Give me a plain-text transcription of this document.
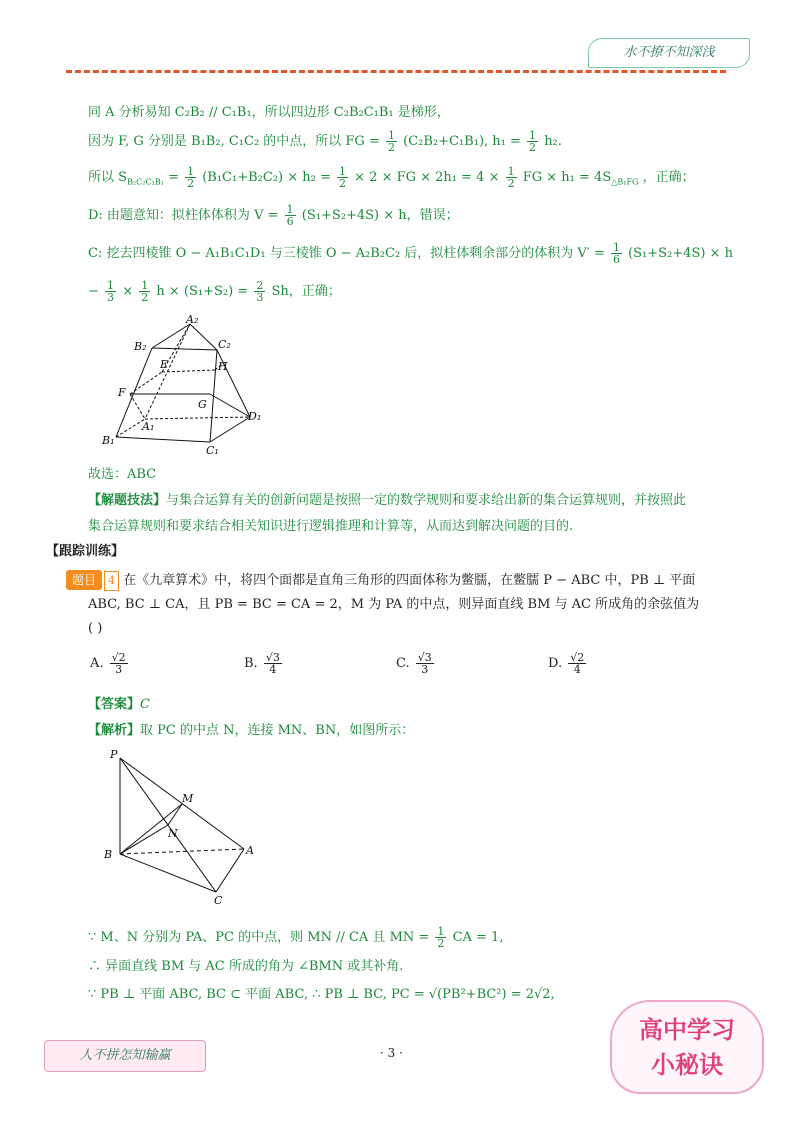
水不撩不知深浅
同 A 分析易知 C₂B₂ // C₁B₁，所以四边形 C₂B₂C₁B₁ 是梯形，
因为 F, G 分别是 B₁B₂, C₁C₂ 的中点，所以 FG = $\frac{1}{2} (C_2B_2+C_1B_1)$, $h_1 = \frac{1}{2} h_2$.
所以 $S_{B_2C_2C_1B_1} = \frac{1}{2} (B_1C_1+B_2C_2) \times h_2 = \frac{1}{2} \times 2$ × FG × $2h_1 = 4 \times \frac{1}{2}$ FG × $h_1 = 4S_{\triangle B_1FG}$ ，正确；
D: 由题意知：拟柱体体积为 $V = \frac{1}{6} (S_1+S_2+4S) \times h$，错误；
C: 挖去四棱锥 O − A₁B₁C₁D₁ 与三棱锥 O − A₂B₂C₂ 后，拟柱体剩余部分的体积为 $V' = \frac{1}{6} (S_1+S_2+4S) \times h$
− $\frac{1}{3} \times \frac{1}{2}$ $h \times (S_1+S_2) = \frac{2}{3}$ Sh，正确；
A₂
B₂	C₂
E	H
F
G
D₁
A₁
B₁
C₁
故选：ABC
【解题技法】与集合运算有关的创新问题是按照一定的数学规则和要求给出新的集合运算规则，并按照此
集合运算规则和要求结合相关知识进行逻辑推理和计算等，从而达到解决问题的目的.
【跟踪训练】
题目 4 在《九章算术》中，将四个面都是直角三角形的四面体称为鳖臑，在鳖臑 P − ABC 中，PB ⊥ 平面
ABC, BC ⊥ CA，且 PB = BC = CA = 2，M 为 PA 的中点，则异面直线 BM 与 AC 所成角的余弦值为
( )
A. $\frac{√2}{3}$	B. $\frac{√3}{4}$	C. $\frac{√3}{3}$	D. $\frac{√2}{4}$
【答案】C
【解析】取 PC 的中点 N，连接 MN、BN，如图所示：
P
M
N
B	A
C
∵ M、N 分别为 PA、PC 的中点，则 MN // CA 且 MN = $\frac{1}{2}$ CA = 1,
∴ 异面直线 BM 与 AC 所成的角为 ∠BMN 或其补角.
∵ PB ⊥ 平面 ABC, BC ⊂ 平面 ABC, ∴ PB ⊥ BC, PC = √(PB²+BC²) = 2√2,
人不拼怎知输赢	· 3 ·
高中学习
小秘诀
